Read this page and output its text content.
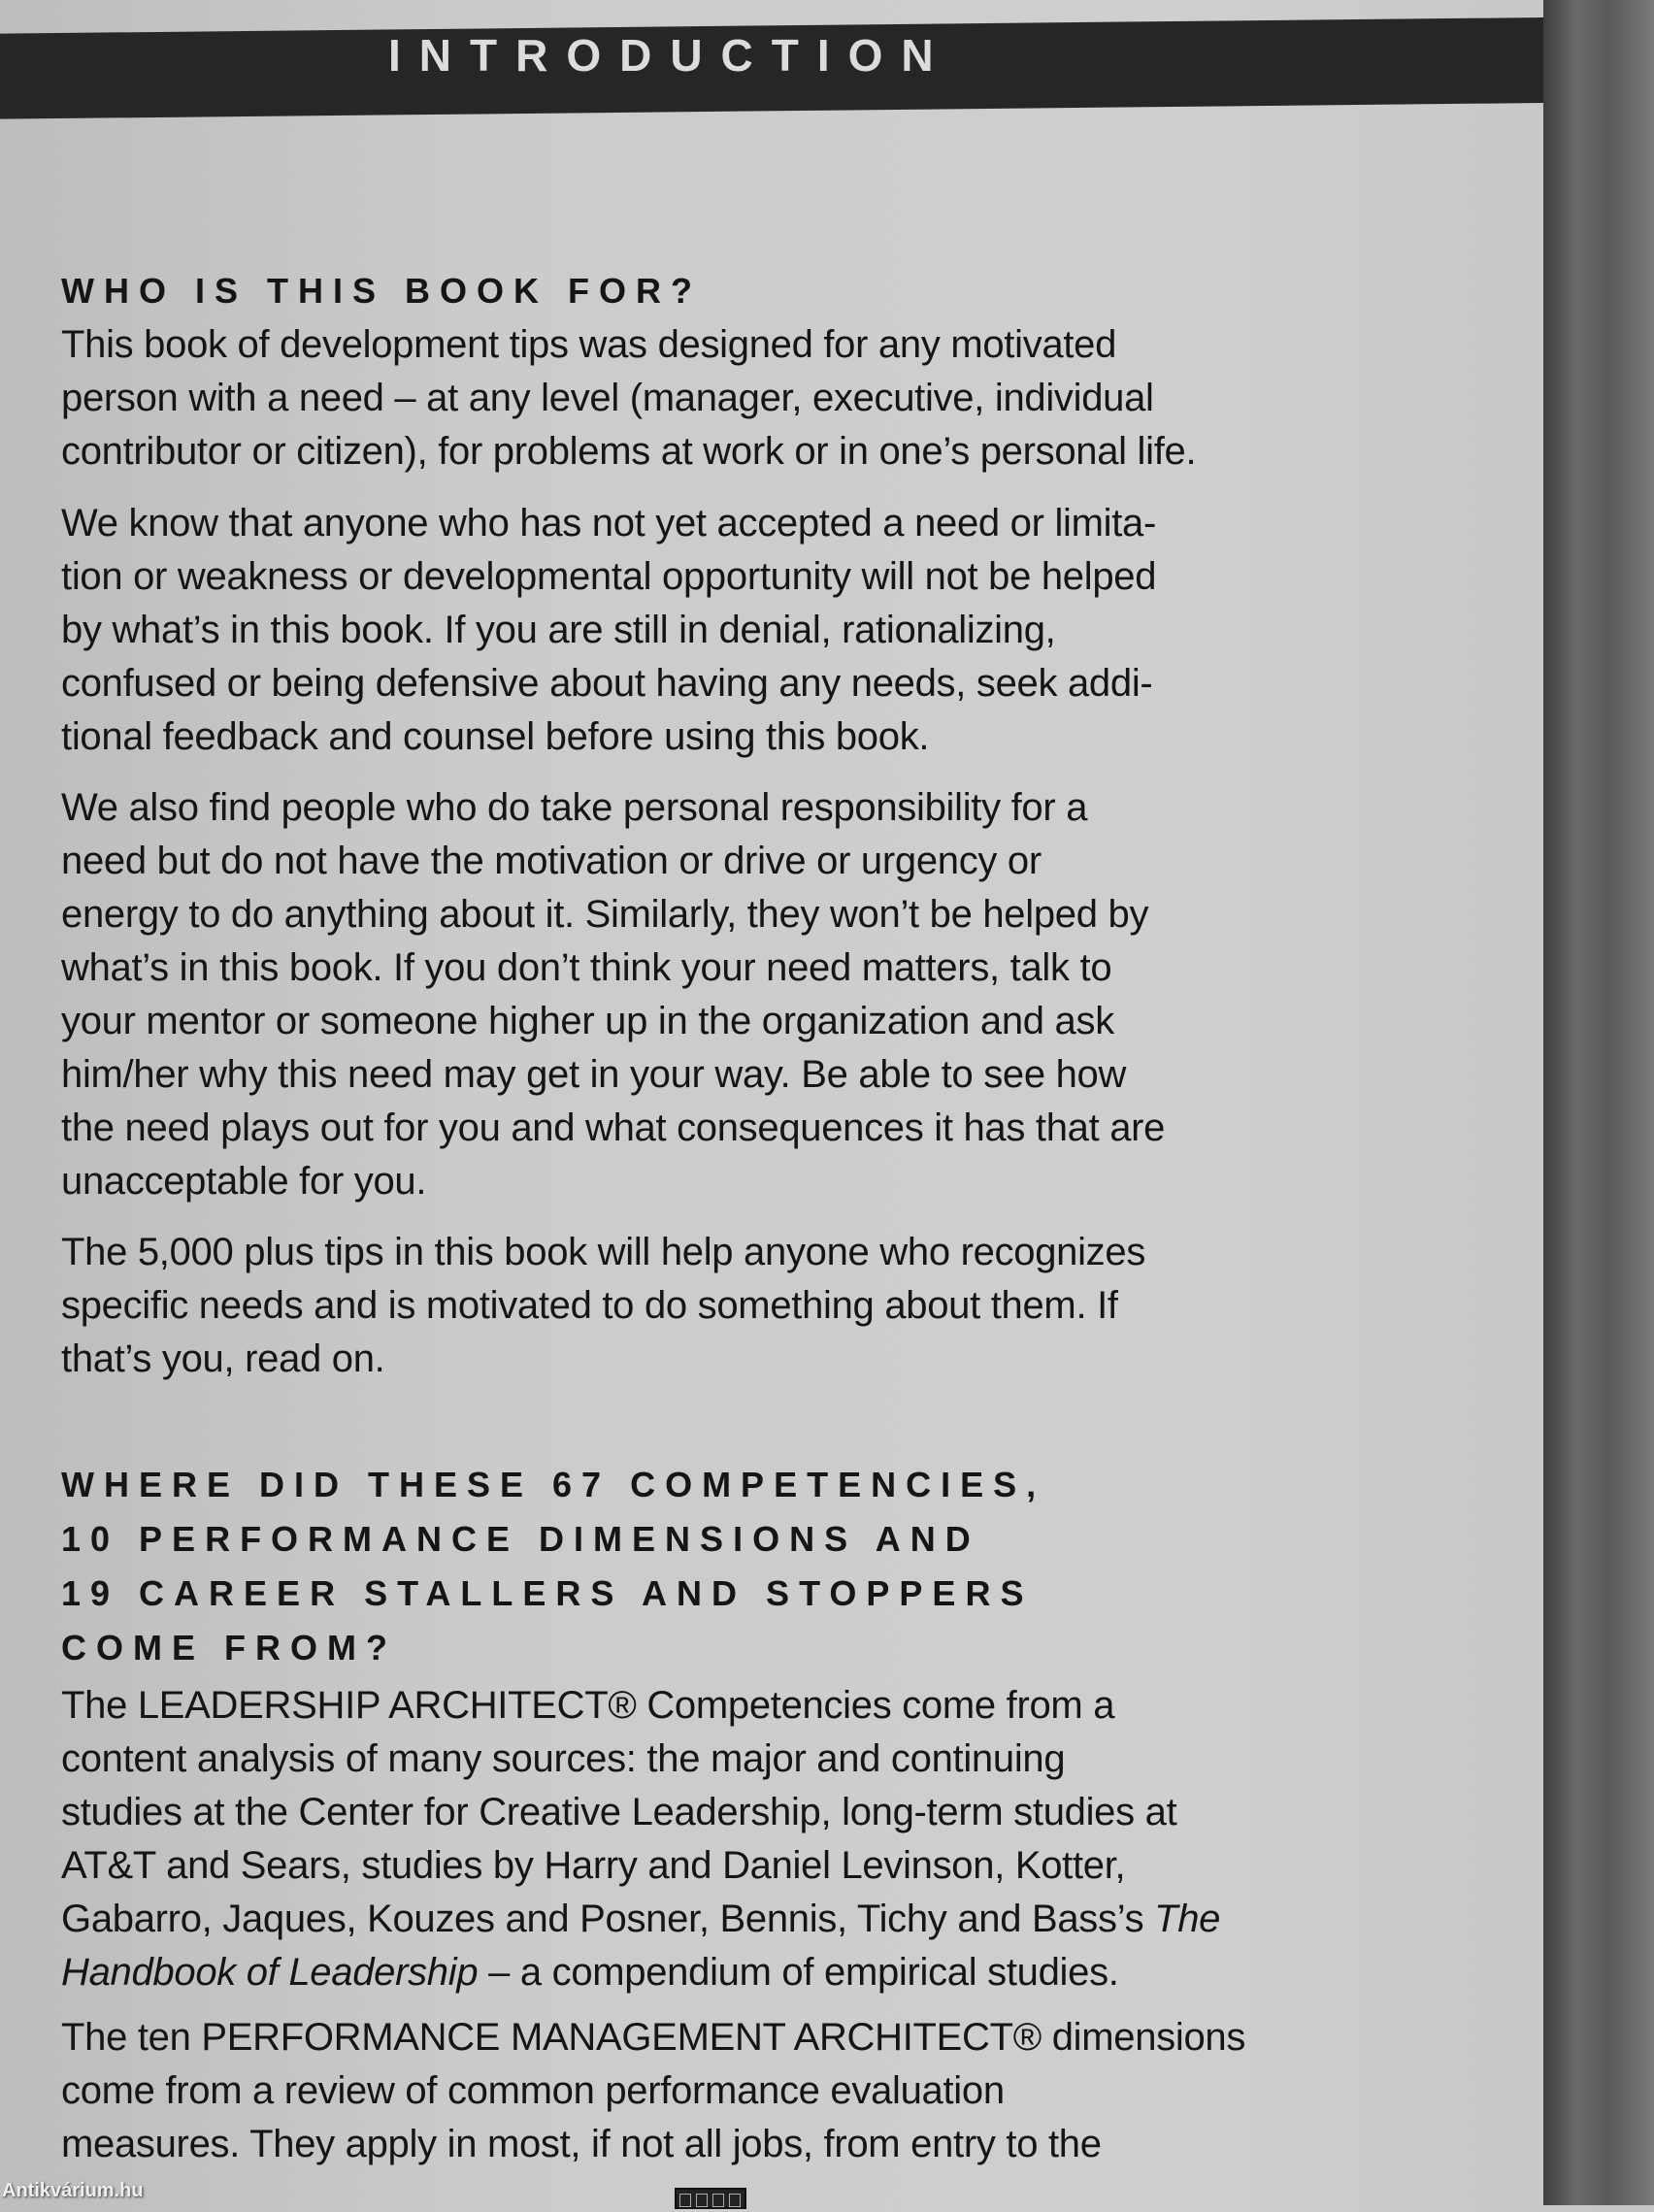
INTRODUCTION
WHO IS THIS BOOK FOR?
This book of development tips was designed for any motivated
person with a need – at any level (manager, executive, individual
contributor or citizen), for problems at work or in one’s personal life.
We know that anyone who has not yet accepted a need or limita-
tion or weakness or developmental opportunity will not be helped
by what’s in this book. If you are still in denial, rationalizing,
confused or being defensive about having any needs, seek addi-
tional feedback and counsel before using this book.
We also find people who do take personal responsibility for a
need but do not have the motivation or drive or urgency or
energy to do anything about it. Similarly, they won’t be helped by
what’s in this book. If you don’t think your need matters, talk to
your mentor or someone higher up in the organization and ask
him/her why this need may get in your way. Be able to see how
the need plays out for you and what consequences it has that are
unacceptable for you.
The 5,000 plus tips in this book will help anyone who recognizes
specific needs and is motivated to do something about them. If
that’s you, read on.
WHERE DID THESE 67 COMPETENCIES,
10 PERFORMANCE DIMENSIONS AND
19 CAREER STALLERS AND STOPPERS
COME FROM?
The LEADERSHIP ARCHITECT® Competencies come from a
content analysis of many sources: the major and continuing
studies at the Center for Creative Leadership, long-term studies at
AT&T and Sears, studies by Harry and Daniel Levinson, Kotter,
Gabarro, Jaques, Kouzes and Posner, Bennis, Tichy and Bass’s The
Handbook of Leadership – a compendium of empirical studies.
The ten PERFORMANCE MANAGEMENT ARCHITECT® dimensions
come from a review of common performance evaluation
measures. They apply in most, if not all jobs, from entry to the
Antikvárium.hu
